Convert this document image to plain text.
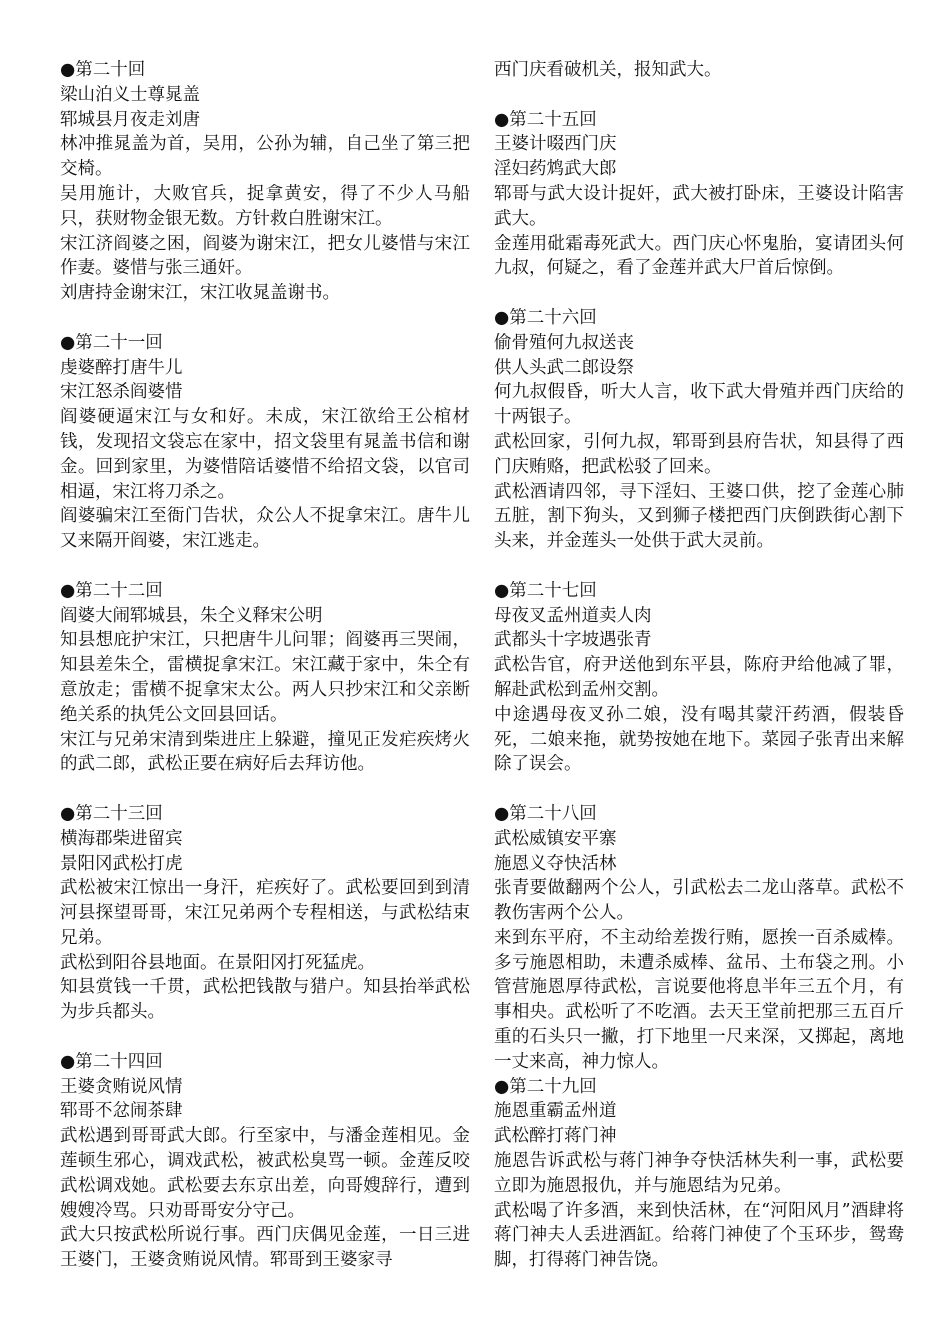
●第二十回
梁山泊义士尊晁盖
郓城县月夜走刘唐
林冲推晁盖为首，吴用，公孙为辅，自己坐了第三把交椅。
吴用施计，大败官兵，捉拿黄安，得了不少人马船只，获财物金银无数。方针救白胜谢宋江。
宋江济阎婆之困，阎婆为谢宋江，把女儿婆惜与宋江作妻。婆惜与张三通奸。
刘唐持金谢宋江，宋江收晁盖谢书。
●第二十一回
虔婆醉打唐牛儿
宋江怒杀阎婆惜
阎婆硬逼宋江与女和好。未成，宋江欲给王公棺材钱，发现招文袋忘在家中，招文袋里有晁盖书信和谢金。回到家里，为婆惜陪话婆惜不给招文袋，以官司相逼，宋江将刀杀之。
阎婆骗宋江至衙门告状，众公人不捉拿宋江。唐牛儿又来隔开阎婆，宋江逃走。
●第二十二回
阎婆大闹郓城县，朱仝义释宋公明
知县想庇护宋江，只把唐牛儿问罪；阎婆再三哭闹，知县差朱仝，雷横捉拿宋江。宋江藏于家中，朱仝有意放走；雷横不捉拿宋太公。两人只抄宋江和父亲断绝关系的执凭公文回县回话。
宋江与兄弟宋清到柴进庄上躲避，撞见正发疟疾烤火的武二郎，武松正要在病好后去拜访他。
●第二十三回
横海郡柴进留宾
景阳冈武松打虎
武松被宋江惊出一身汗，疟疾好了。武松要回到到清河县探望哥哥，宋江兄弟两个专程相送，与武松结束兄弟。
武松到阳谷县地面。在景阳冈打死猛虎。
知县赏钱一千贯，武松把钱散与猎户。知县抬举武松为步兵都头。
●第二十四回
王婆贪贿说风情
郓哥不忿闹茶肆
武松遇到哥哥武大郎。行至家中，与潘金莲相见。金莲顿生邪心，调戏武松，被武松臭骂一顿。金莲反咬武松调戏她。武松要去东京出差，向哥嫂辞行，遭到嫂嫂冷骂。只劝哥哥安分守己。
武大只按武松所说行事。西门庆偶见金莲，一日三进王婆门，王婆贪贿说风情。郓哥到王婆家寻
西门庆看破机关，报知武大。
●第二十五回
王婆计啜西门庆
淫妇药鸩武大郎
郓哥与武大设计捉奸，武大被打卧床，王婆设计陷害武大。
金莲用砒霜毒死武大。西门庆心怀鬼胎，宴请团头何九叔，何疑之，看了金莲并武大尸首后惊倒。
●第二十六回
偷骨殖何九叔送丧
供人头武二郎设祭
何九叔假昏，听大人言，收下武大骨殖并西门庆给的十两银子。
武松回家，引何九叔，郓哥到县府告状，知县得了西门庆贿赂，把武松驳了回来。
武松酒请四邻，寻下淫妇、王婆口供，挖了金莲心肺五脏，割下狗头，又到狮子楼把西门庆倒跌街心割下头来，并金莲头一处供于武大灵前。
●第二十七回
母夜叉孟州道卖人肉
武都头十字坡遇张青
武松告官，府尹送他到东平县，陈府尹给他减了罪，解赴武松到孟州交割。
中途遇母夜叉孙二娘，没有喝其蒙汗药酒，假装昏死，二娘来拖，就势按她在地下。菜园子张青出来解除了误会。
●第二十八回
武松威镇安平寨
施恩义夺快活林
张青要做翻两个公人，引武松去二龙山落草。武松不教伤害两个公人。
来到东平府，不主动给差拨行贿，愿挨一百杀威棒。多亏施恩相助，未遭杀威棒、盆吊、土布袋之刑。小管营施恩厚待武松，言说要他将息半年三五个月，有事相央。武松听了不吃酒。去天王堂前把那三五百斤重的石头只一撇，打下地里一尺来深，又掷起，离地一丈来高，神力惊人。
●第二十九回
施恩重霸孟州道
武松醉打蒋门神
施恩告诉武松与蒋门神争夺快活林失利一事，武松要立即为施恩报仇，并与施恩结为兄弟。
武松喝了许多酒，来到快活林，在“河阳风月”酒肆将蒋门神夫人丢进酒缸。给蒋门神使了个玉环步，鸳鸯脚，打得蒋门神告饶。
